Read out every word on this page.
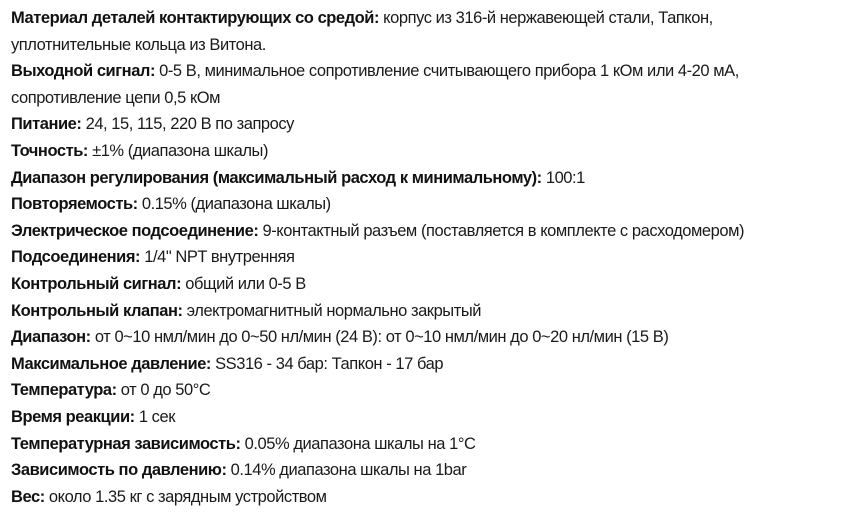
Материал деталей контактирующих со средой: корпус из 316-й нержавеющей стали, Тапкон,
уплотнительные кольца из Витона.
Выходной сигнал: 0-5 В, минимальное сопротивление считывающего прибора 1 кОм или 4-20 мА,
сопротивление цепи 0,5 кОм
Питание: 24, 15, 115, 220 В по запросу
Точность: ±1% (диапазона шкалы)
Диапазон регулирования (максимальный расход к минимальному): 100:1
Повторяемость: 0.15% (диапазона шкалы)
Электрическое подсоединение: 9-контактный разъем (поставляется в комплекте с расходомером)
Подсоединения: 1/4" NPT внутренняя
Контрольный сигнал: общий или 0-5 В
Контрольный клапан: электромагнитный нормально закрытый
Диапазон: от 0~10 нмл/мин до 0~50 нл/мин (24 В): от 0~10 нмл/мин до 0~20 нл/мин (15 В)
Максимальное давление: SS316 - 34 бар: Тапкон - 17 бар
Температура: от 0 до 50°C
Время реакции: 1 сек
Температурная зависимость: 0.05% диапазона шкалы на 1°C
Зависимость по давлению: 0.14% диапазона шкалы на 1bar
Вес: около 1.35 кг с зарядным устройством
